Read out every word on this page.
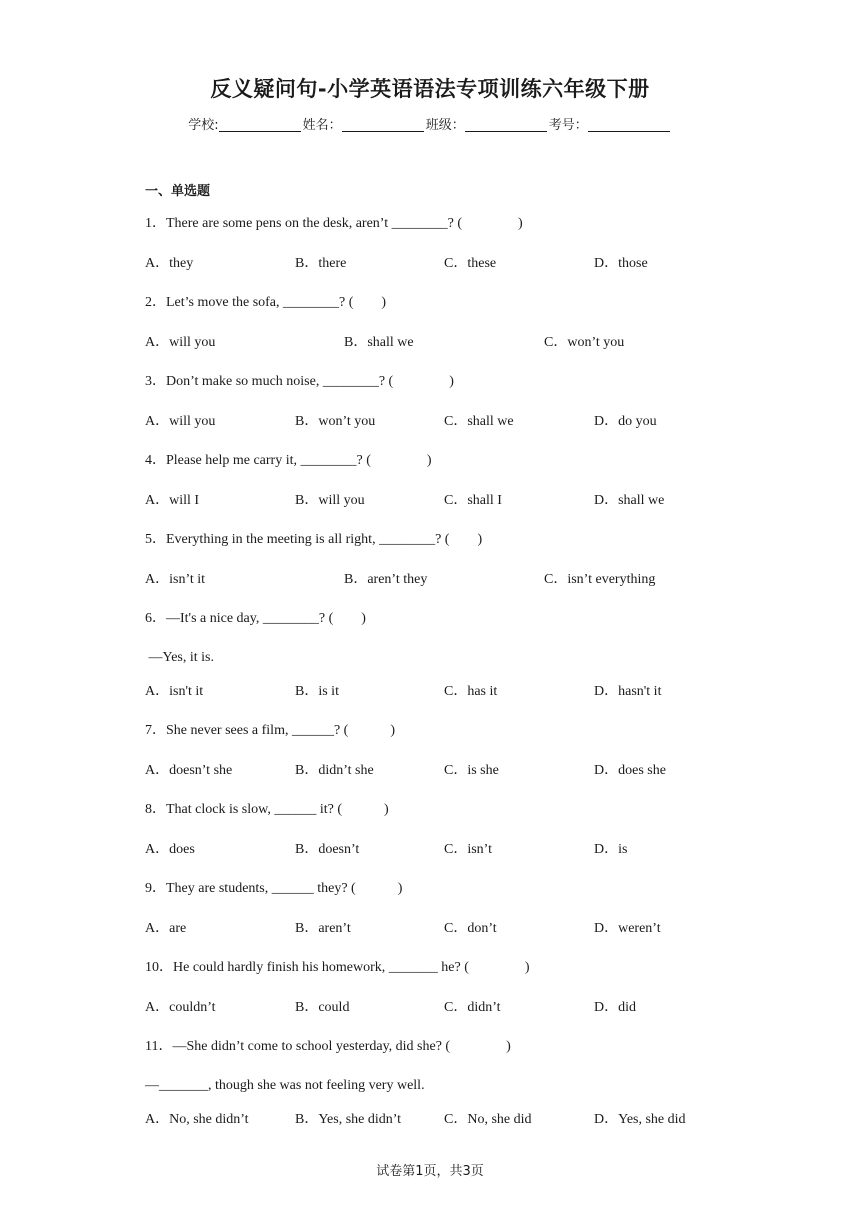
反义疑问句-小学英语语法专项训练六年级下册
学校:	姓名：	班级：	考号：
一、单选题
1．There are some pens on the desk, aren’t ________? (　　　　)
A．they	B．there	C．these	D．those
2．Let’s move the sofa, ________? (　　)
A．will you	B．shall we	C．won’t you
3．Don’t make so much noise, ________? (　　　　)
A．will you	B．won’t you	C．shall we	D．do you
4．Please help me carry it, ________? (　　　　)
A．will I	B．will you	C．shall I	D．shall we
5．Everything in the meeting is all right, ________? (　　)
A．isn’t it	B．aren’t they	C．isn’t everything
6．—It's a nice day, ________? (　　)
—Yes, it is.
A．isn't it	B．is it	C．has it	D．hasn't it
7．She never sees a film, ______? (　　　)
A．doesn’t she	B．didn’t she	C．is she	D．does she
8．That clock is slow, ______ it? (　　　)
A．does	B．doesn’t	C．isn’t	D．is
9．They are students, ______ they? (　　　)
A．are	B．aren’t	C．don’t	D．weren’t
10．He could hardly finish his homework, _______ he? (　　　　)
A．couldn’t	B．could	C．didn’t	D．did
11．—She didn’t come to school yesterday, did she? (　　　　)
—_______, though she was not feeling very well.
A．No, she didn’t	B．Yes, she didn’t	C．No, she did	D．Yes, she did
试卷第1页，共3页
